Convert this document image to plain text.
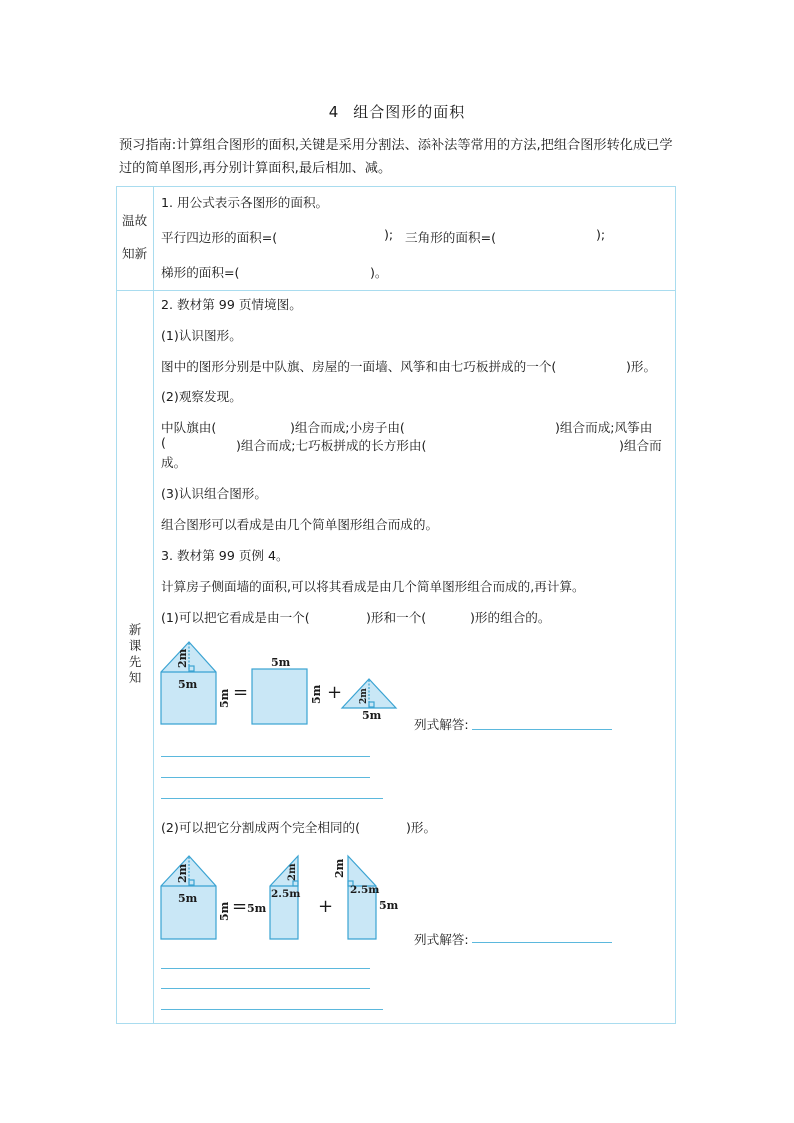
4 组合图形的面积
预习指南:计算组合图形的面积,关键是采用分割法、添补法等常用的方法,把组合图形转化成已学过的简单图形,再分别计算面积,最后相加、减。
温故
知新
1. 用公式表示各图形的面积。
平行四边形的面积=(	); 三角形的面积=(	);
梯形的面积=(	)。
新
课
先
知
2. 教材第 99 页情境图。
(1)认识图形。
图中的图形分别是中队旗、房屋的一面墙、风筝和由七巧板拼成的一个(	)形。
(2)观察发现。
中队旗由(	)组合而成;小房子由(	)组合而成;风筝由
(	)组合而成;七巧板拼成的长方形由(	)组合而
成。
(3)认识组合图形。
组合图形可以看成是由几个简单图形组合而成的。
3. 教材第 99 页例 4。
计算房子侧面墙的面积,可以将其看成是由几个简单图形组合而成的,再计算。
(1)可以把它看成是由一个(	)形和一个(	)形的组合的。
列式解答:
(2)可以把它分割成两个完全相同的(	)形。
列式解答:
2m
5m
5m =
5m
5m + 2m
5m
2m
5m
5m = 5m
2m
2.5m
+
2m
2.5m
5m
